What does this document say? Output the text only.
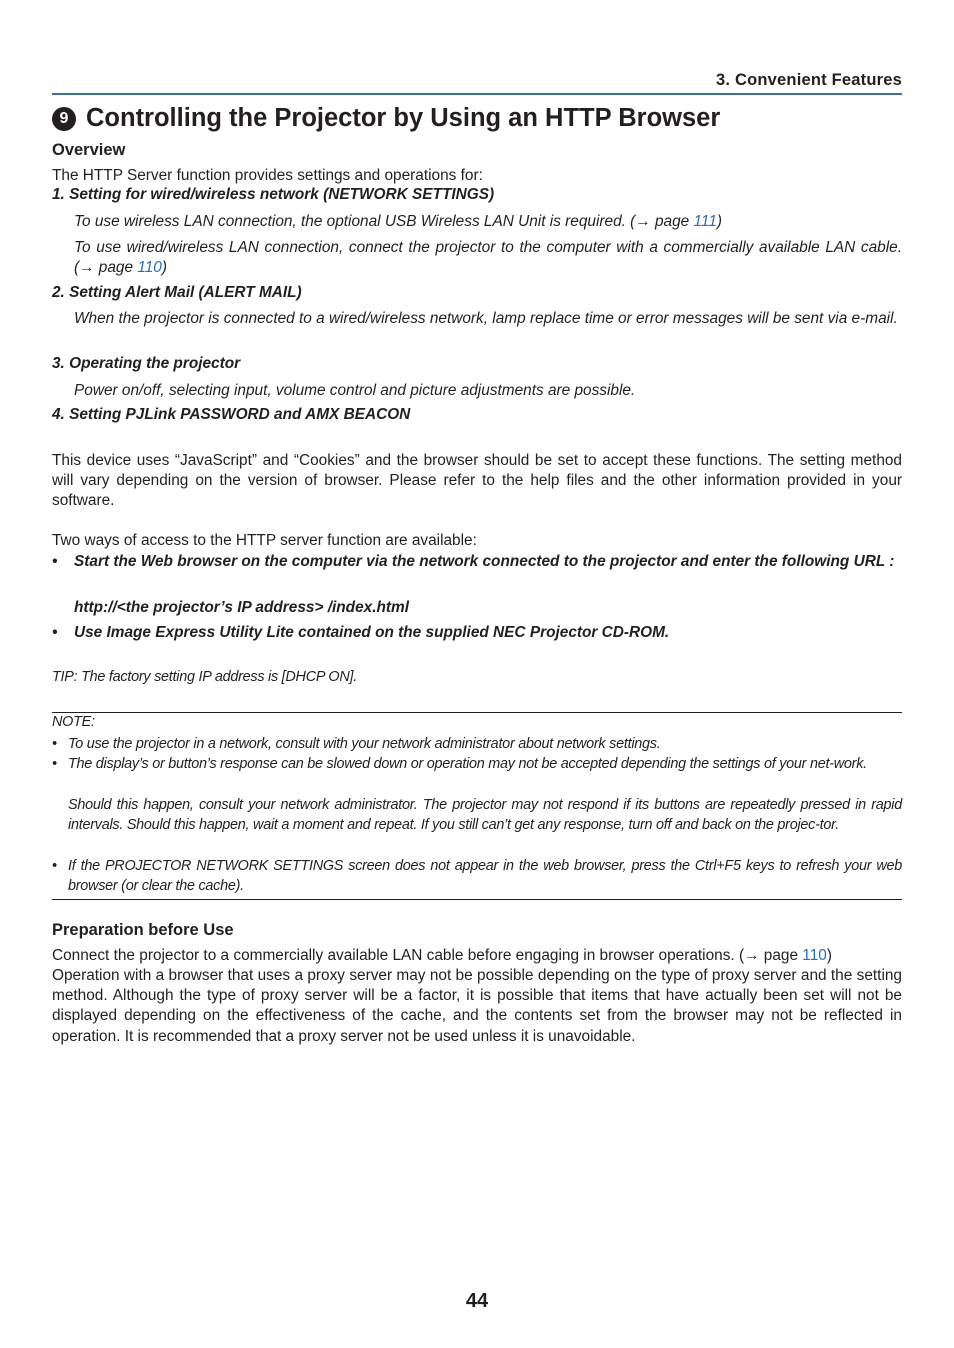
3. Convenient Features
9 Controlling the Projector by Using an HTTP Browser
Overview
The HTTP Server function provides settings and operations for:
1. Setting for wired/wireless network (NETWORK SETTINGS)
To use wireless LAN connection, the optional USB Wireless LAN Unit is required. (→ page 111)
To use wired/wireless LAN connection, connect the projector to the computer with a commercially available LAN cable. (→ page 110)
2. Setting Alert Mail (ALERT MAIL)
When the projector is connected to a wired/wireless network, lamp replace time or error messages will be sent via e-mail.
3. Operating the projector
Power on/off, selecting input, volume control and picture adjustments are possible.
4. Setting PJLink PASSWORD and AMX BEACON
This device uses “JavaScript” and “Cookies” and the browser should be set to accept these functions. The setting method will vary depending on the version of browser. Please refer to the help files and the other information provided in your software.
Two ways of access to the HTTP server function are available:
• Start the Web browser on the computer via the network connected to the projector and enter the following URL :
http://<the projector’s IP address> /index.html
• Use Image Express Utility Lite contained on the supplied NEC Projector CD-ROM.
TIP: The factory setting IP address is [DHCP ON].
NOTE:
• To use the projector in a network, consult with your network administrator about network settings.
• The display’s or button’s response can be slowed down or operation may not be accepted depending the settings of your net-work.
Should this happen, consult your network administrator. The projector may not respond if its buttons are repeatedly pressed in rapid intervals. Should this happen, wait a moment and repeat. If you still can’t get any response, turn off and back on the projec-tor.
• If the PROJECTOR NETWORK SETTINGS screen does not appear in the web browser, press the Ctrl+F5 keys to refresh your web browser (or clear the cache).
Preparation before Use
Connect the projector to a commercially available LAN cable before engaging in browser operations. (→ page 110)
Operation with a browser that uses a proxy server may not be possible depending on the type of proxy server and the setting method. Although the type of proxy server will be a factor, it is possible that items that have actually been set will not be displayed depending on the effectiveness of the cache, and the contents set from the browser may not be reflected in operation. It is recommended that a proxy server not be used unless it is unavoidable.
44
